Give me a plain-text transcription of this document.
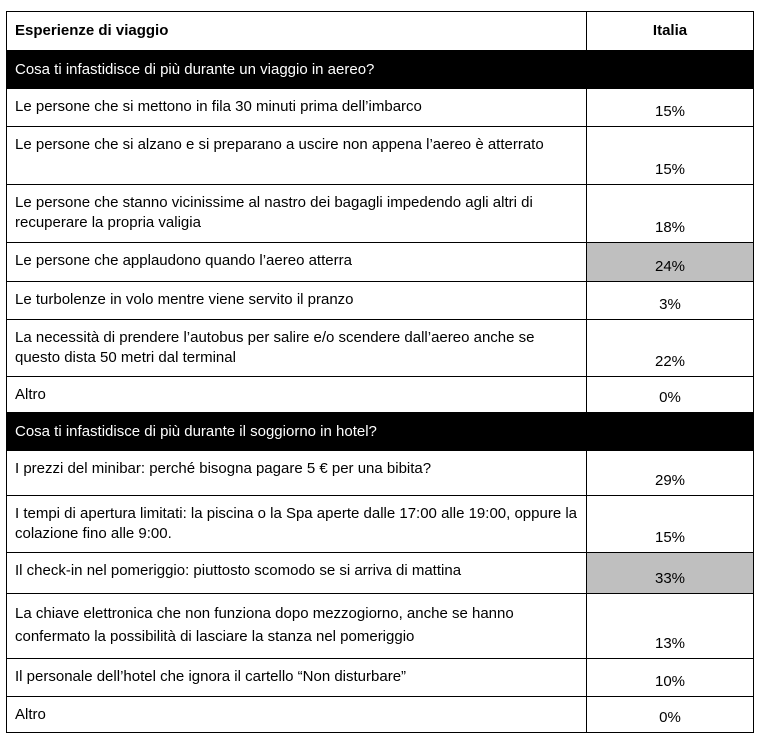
Esperienze di viaggio	Italia
Cosa ti infastidisce di più durante un viaggio in aereo?	
Le persone che si mettono in fila 30 minuti prima dell’imbarco	15%
Le persone che si alzano e si preparano a uscire non appena l’aereo è atterrato	15%
Le persone che stanno vicinissime al nastro dei bagagli impedendo agli altri di recuperare la propria valigia	18%
Le persone che applaudono quando l’aereo atterra	24%
Le turbolenze in volo mentre viene servito il pranzo	3%
La necessità di prendere l’autobus per salire e/o scendere dall’aereo anche se questo dista 50 metri dal terminal	22%
Altro	0%
Cosa ti infastidisce di più durante il soggiorno in hotel?	
I prezzi del minibar: perché bisogna pagare 5 € per una bibita?	29%
I tempi di apertura limitati: la piscina o la Spa aperte dalle 17:00 alle 19:00, oppure la colazione fino alle 9:00.	15%
Il check-in nel pomeriggio: piuttosto scomodo se si arriva di mattina	33%
La chiave elettronica che non funziona dopo mezzogiorno, anche se hanno confermato la possibilità di lasciare la stanza nel pomeriggio	13%
Il personale dell’hotel che ignora il cartello “Non disturbare”	10%
Altro	0%
